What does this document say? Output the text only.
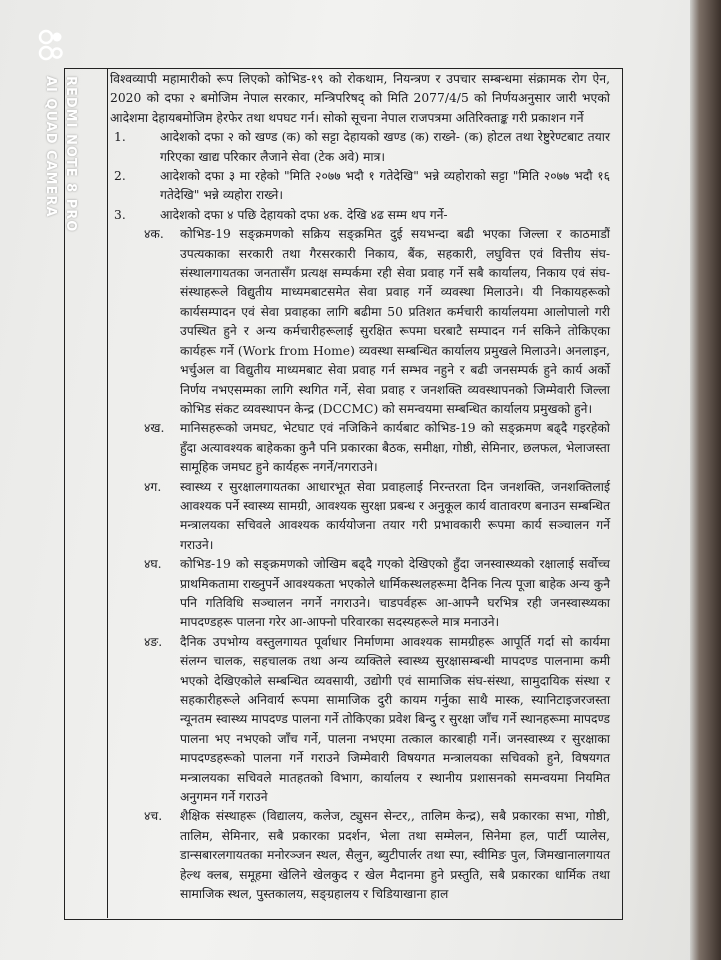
REDMI NOTE 8 PRO
AI QUAD CAMERA	विश्वव्यापी महामारीको रूप लिएको कोभिड-१९ को रोकथाम, नियन्त्रण र उपचार सम्बन्धमा संक्रामक रोग ऐन, 2020 को दफा २ बमोजिम नेपाल सरकार, मन्त्रिपरिषद् को मिति 2077/4/5 को निर्णयअनुसार जारी भएको आदेशमा देहायबमोजिम हेरफेर तथा थपघट गर्न। सोको सूचना नेपाल राजपत्रमा अतिरिक्ताङ्क गरी प्रकाशन गर्ने

1.	आदेशको दफा २ को खण्ड (क) को सट्टा देहायको खण्ड (क) राख्ने- (क) होटल तथा रेष्टुरेण्टबाट तयार गरिएका खाद्य परिकार लैजाने सेवा (टेक अवे) मात्र।
2.	आदेशको दफा ३ मा रहेको "मिति २०७७ भदौ १ गतेदेखि" भन्ने व्यहोराको सट्टा "मिति २०७७ भदौ १६ गतेदेखि" भन्ने व्यहोरा राख्ने।
3.	आदेशको दफा ४ पछि देहायको दफा ४क. देखि ४ढ सम्म थप गर्ने-
४क.	कोभिड-19 सङ्क्रमणको सक्रिय सङ्क्रमित दुई सयभन्दा बढी भएका जिल्ला र काठमाडौं उपत्यकाका सरकारी तथा गैरसरकारी निकाय, बैंक, सहकारी, लघुवित्त एवं वित्तीय संघ-संस्थालगायतका जनतासँग प्रत्यक्ष सम्पर्कमा रही सेवा प्रवाह गर्ने सबै कार्यालय, निकाय एवं संघ-संस्थाहरूले विद्युतीय माध्यमबाटसमेत सेवा प्रवाह गर्ने व्यवस्था मिलाउने। यी निकायहरूको कार्यसम्पादन एवं सेवा प्रवाहका लागि बढीमा 50 प्रतिशत कर्मचारी कार्यालयमा आलोपालो गरी उपस्थित हुने र अन्य कर्मचारीहरूलाई सुरक्षित रूपमा घरबाटै सम्पादन गर्न सकिने तोकिएका कार्यहरू गर्ने (Work from Home) व्यवस्था सम्बन्धित कार्यालय प्रमुखले मिलाउने। अनलाइन, भर्चुअल वा विद्युतीय माध्यमबाट सेवा प्रवाह गर्न सम्भव नहुने र बढी जनसम्पर्क हुने कार्य अर्को निर्णय नभएसम्मका लागि स्थगित गर्ने, सेवा प्रवाह र जनशक्ति व्यवस्थापनको जिम्मेवारी जिल्ला कोभिड संकट व्यवस्थापन केन्द्र (DCCMC) को समन्वयमा सम्बन्धित कार्यालय प्रमुखको हुने।
४ख.	मानिसहरूको जमघट, भेटघाट एवं नजिकिने कार्यबाट कोभिड-19 को सङ्क्रमण बढ्दै गइरहेको हुँदा अत्यावश्यक बाहेकका कुनै पनि प्रकारका बैठक, समीक्षा, गोष्ठी, सेमिनार, छलफल, भेलाजस्ता सामूहिक जमघट हुने कार्यहरू नगर्ने/नगराउने।
४ग.	स्वास्थ्य र सुरक्षालगायतका आधारभूत सेवा प्रवाहलाई निरन्तरता दिन जनशक्ति, जनशक्तिलाई आवश्यक पर्ने स्वास्थ्य सामग्री, आवश्यक सुरक्षा प्रबन्ध र अनुकूल कार्य वातावरण बनाउन सम्बन्धित मन्त्रालयका सचिवले आवश्यक कार्ययोजना तयार गरी प्रभावकारी रूपमा कार्य सञ्चालन गर्ने गराउने।
४घ.	कोभिड-19 को सङ्क्रमणको जोखिम बढ्दै गएको देखिएको हुँदा जनस्वास्थ्यको रक्षालाई सर्वोच्च प्राथमिकतामा राख्नुपर्ने आवश्यकता भएकोले धार्मिकस्थलहरूमा दैनिक नित्य पूजा बाहेक अन्य कुनै पनि गतिविधि सञ्चालन नगर्ने नगराउने। चाडपर्वहरू आ-आफ्नै घरभित्र रही जनस्वास्थ्यका मापदण्डहरू पालना गरेर आ-आफ्नो परिवारका सदस्यहरूले मात्र मनाउने।
४ङ.	दैनिक उपभोग्य वस्तुलगायत पूर्वाधार निर्माणमा आवश्यक सामग्रीहरू आपूर्ति गर्दा सो कार्यमा संलग्न चालक, सहचालक तथा अन्य व्यक्तिले स्वास्थ्य सुरक्षासम्बन्धी मापदण्ड पालनामा कमी भएको देखिएकोले सम्बन्धित व्यवसायी, उद्योगी एवं सामाजिक संघ-संस्था, सामुदायिक संस्था र सहकारीहरूले अनिवार्य रूपमा सामाजिक दुरी कायम गर्नुका साथै मास्क, स्यानिटाइजरजस्ता न्यूनतम स्वास्थ्य मापदण्ड पालना गर्ने तोकिएका प्रवेश बिन्दु र सुरक्षा जाँच गर्ने स्थानहरूमा मापदण्ड पालना भए नभएको जाँच गर्ने, पालना नभएमा तत्काल कारबाही गर्ने। जनस्वास्थ्य र सुरक्षाका मापदण्डहरूको पालना गर्ने गराउने जिम्मेवारी विषयगत मन्त्रालयका सचिवको हुने, विषयगत मन्त्रालयका सचिवले मातहतको विभाग, कार्यालय र स्थानीय प्रशासनको समन्वयमा नियमित अनुगमन गर्ने गराउने
४च.	शैक्षिक संस्थाहरू (विद्यालय, कलेज, ट्युसन सेन्टर,, तालिम केन्द्र), सबै प्रकारका सभा, गोष्ठी, तालिम, सेमिनार, सबै प्रकारका प्रदर्शन, भेला तथा सम्मेलन, सिनेमा हल, पार्टी प्यालेस, डान्सबारलगायतका मनोरञ्जन स्थल, सैलुन, ब्युटीपार्लर तथा स्पा, स्वीमिङ पुल, जिमखानालगायत हेल्थ क्लब, समूहमा खेलिने खेलकुद र खेल मैदानमा हुने प्रस्तुति, सबै प्रकारका धार्मिक तथा सामाजिक स्थल, पुस्तकालय, सङ्ग्रहालय र चिडियाखाना हाल
